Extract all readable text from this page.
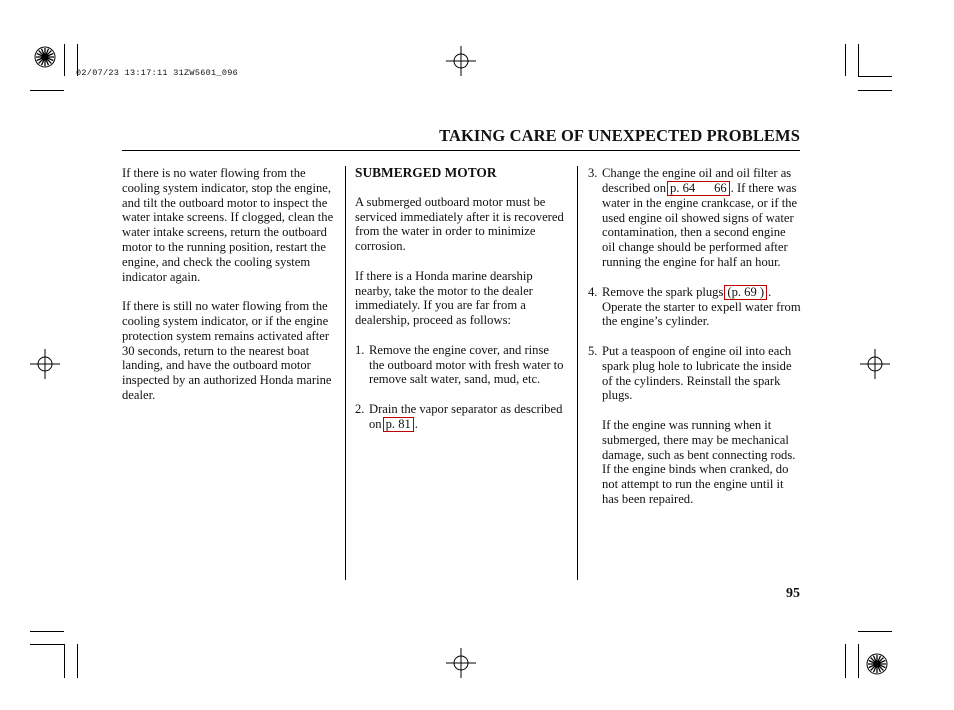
02/07/23 13:17:11 31ZW5601_096
TAKING CARE OF UNEXPECTED PROBLEMS

If there is no water flowing from the cooling system indicator, stop the engine, and tilt the outboard motor to inspect the water intake screens. If clogged, clean the water intake screens, return the outboard motor to the running position, restart the engine, and check the cooling system indicator again.

If there is still no water flowing from the cooling system indicator, or if the engine protection system remains activated after 30 seconds, return to the nearest boat landing, and have the outboard motor inspected by an authorized Honda marine dealer.

SUBMERGED MOTOR

A submerged outboard motor must be serviced immediately after it is recovered from the water in order to minimize corrosion.

If there is a Honda marine dearship nearby, take the motor to the dealer immediately. If you are far from a dealership, proceed as follows:

1. Remove the engine cover, and rinse the outboard motor with fresh water to remove salt water, sand, mud, etc.
2. Drain the vapor separator as described on p. 81 .
3. Change the engine oil and oil filter as described on p. 64      66 . If there was water in the engine crankcase, or if the used engine oil showed signs of water contamination, then a second engine oil change should be performed after running the engine for half an hour.
4. Remove the spark plugs (p. 69 ) . Operate the starter to expell water from the engine’s cylinder.
5. Put a teaspoon of engine oil into each spark plug hole to lubricate the inside of the cylinders. Reinstall the spark plugs.

If the engine was running when it submerged, there may be mechanical damage, such as bent connecting rods. If the engine binds when cranked, do not attempt to run the engine until it has been repaired.

95
